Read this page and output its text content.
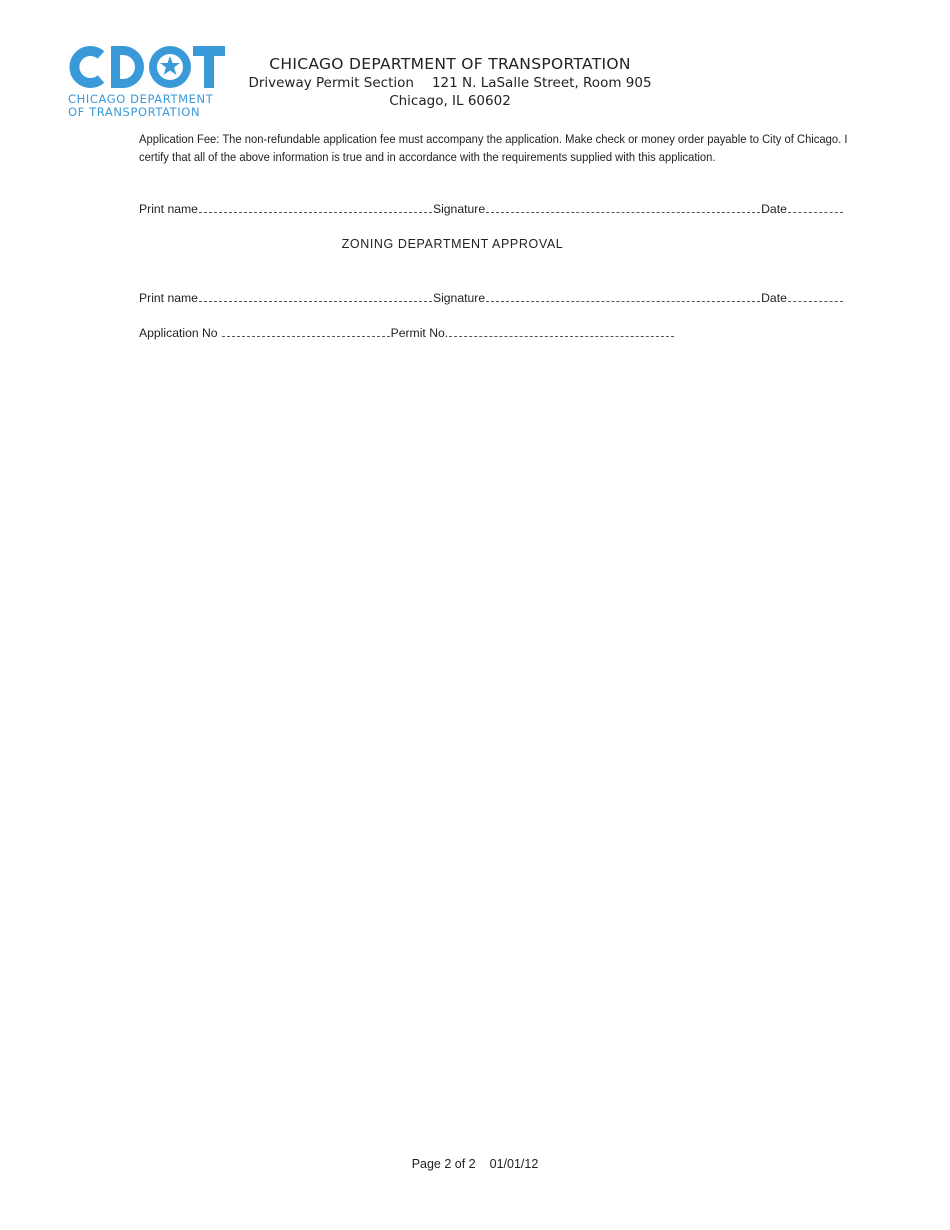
CHICAGO DEPARTMENT
OF TRANSPORTATION
CHICAGO DEPARTMENT OF TRANSPORTATION
Driveway Permit Section 121 N. LaSalle Street, Room 905
Chicago, IL 60602
Application Fee: The non-refundable application fee must accompany the application. Make check or money order payable to City of Chicago. I certify that all of the above information is true and in accordance with the requirements supplied with this application.
Print name	Signature	Date
ZONING DEPARTMENT APPROVAL
Print name	Signature	Date
Application No	Permit No.
Page 2 of 2 01/01/12
